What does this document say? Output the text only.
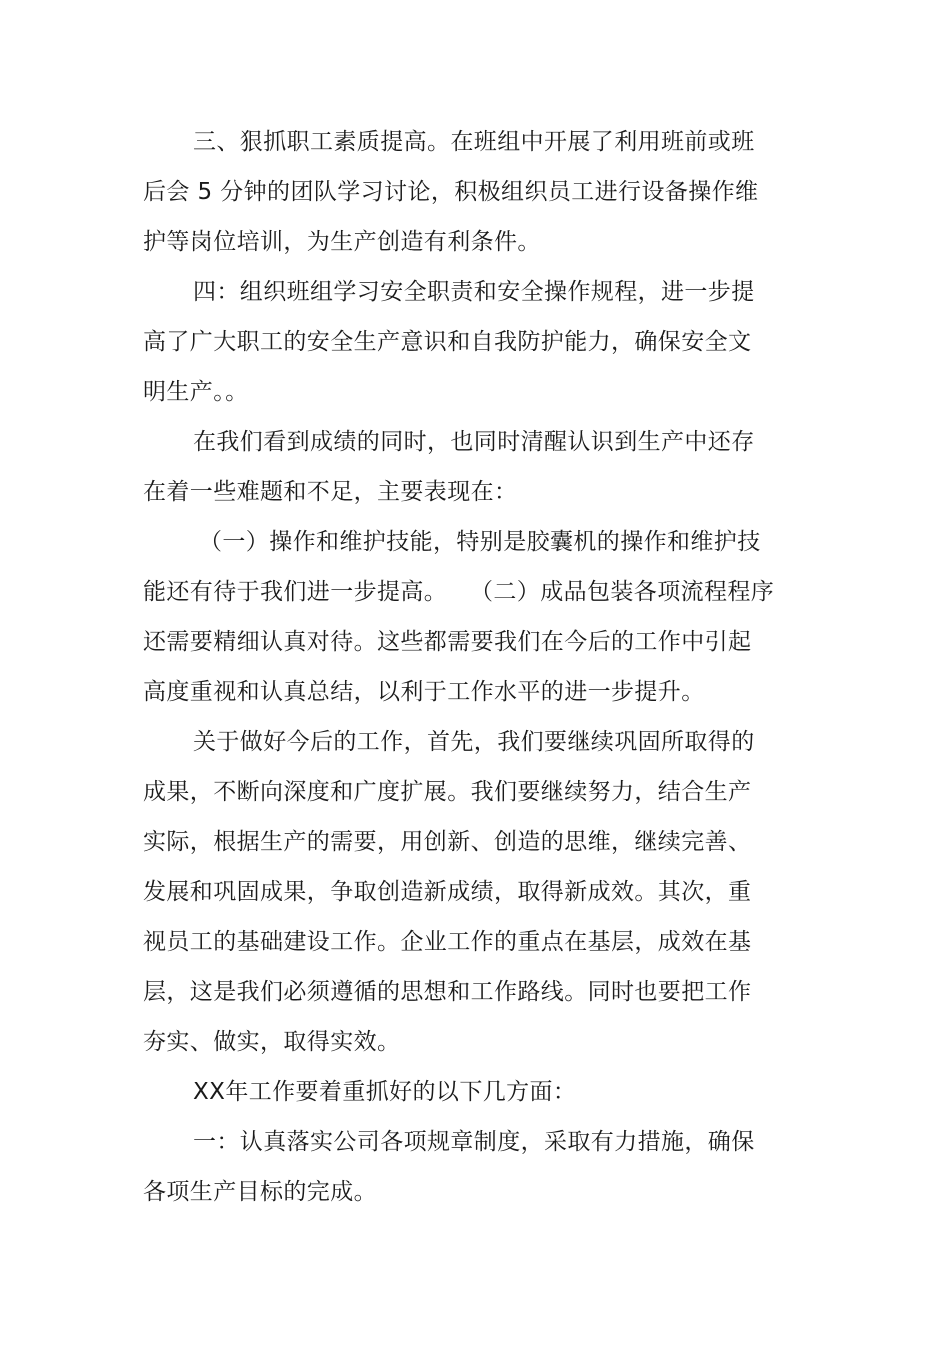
三、狠抓职工素质提高。在班组中开展了利用班前或班
后会 5 分钟的团队学习讨论，积极组织员工进行设备操作维
护等岗位培训，为生产创造有利条件。
四：组织班组学习安全职责和安全操作规程，进一步提
高了广大职工的安全生产意识和自我防护能力，确保安全文
明生产。。
在我们看到成绩的同时，也同时清醒认识到生产中还存
在着一些难题和不足，主要表现在：
（一）操作和维护技能，特别是胶囊机的操作和维护技
能还有待于我们进一步提高。 （二）成品包装各项流程程序
还需要精细认真对待。这些都需要我们在今后的工作中引起
高度重视和认真总结，以利于工作水平的进一步提升。
关于做好今后的工作，首先，我们要继续巩固所取得的
成果，不断向深度和广度扩展。我们要继续努力，结合生产
实际，根据生产的需要，用创新、创造的思维，继续完善、
发展和巩固成果，争取创造新成绩，取得新成效。其次，重
视员工的基础建设工作。企业工作的重点在基层，成效在基
层，这是我们必须遵循的思想和工作路线。同时也要把工作
夯实、做实，取得实效。
XX年工作要着重抓好的以下几方面：
一：认真落实公司各项规章制度，采取有力措施，确保
各项生产目标的完成。
